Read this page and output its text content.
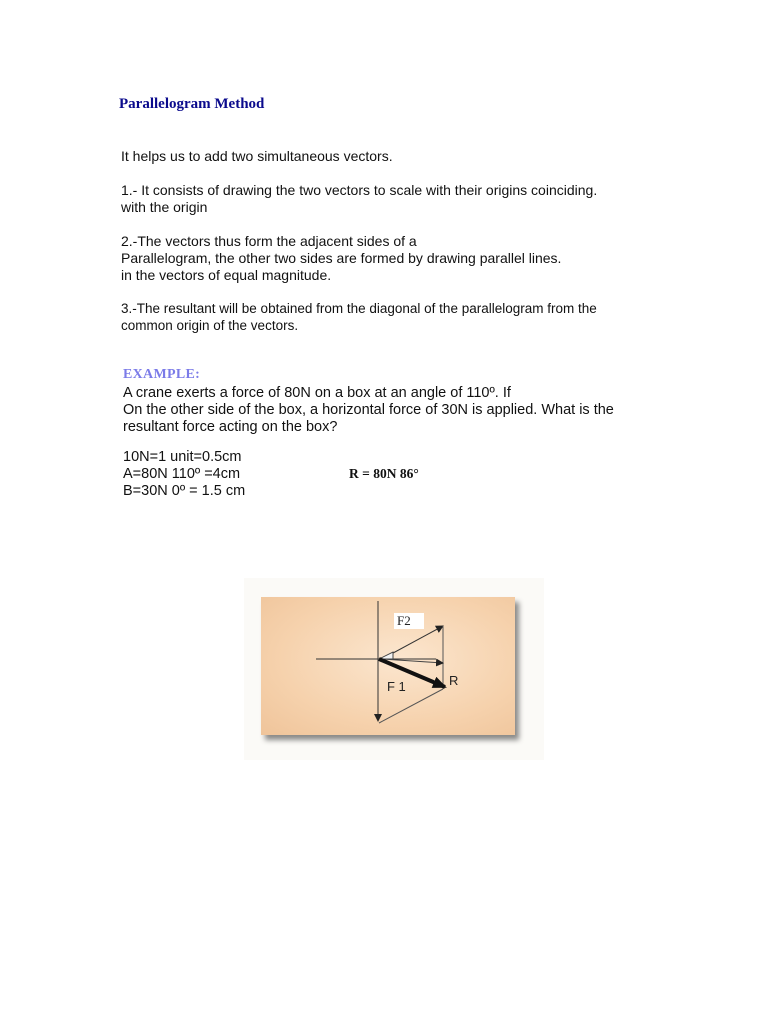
Parallelogram Method
It helps us to add two simultaneous vectors.
1.- It consists of drawing the two vectors to scale with their origins coinciding.
with the origin
2.-The vectors thus form the adjacent sides of a
Parallelogram, the other two sides are formed by drawing parallel lines.
in the vectors of equal magnitude.
3.-The resultant will be obtained from the diagonal of the parallelogram from the
common origin of the vectors.
EXAMPLE:
A crane exerts a force of 80N on a box at an angle of 110º. If
On the other side of the box, a horizontal force of 30N is applied. What is the
resultant force acting on the box?
10N=1 unit=0.5cm
A=80N 110º =4cm
B=30N 0º = 1.5 cm
R = 80N 86°
F2
F 1	R
